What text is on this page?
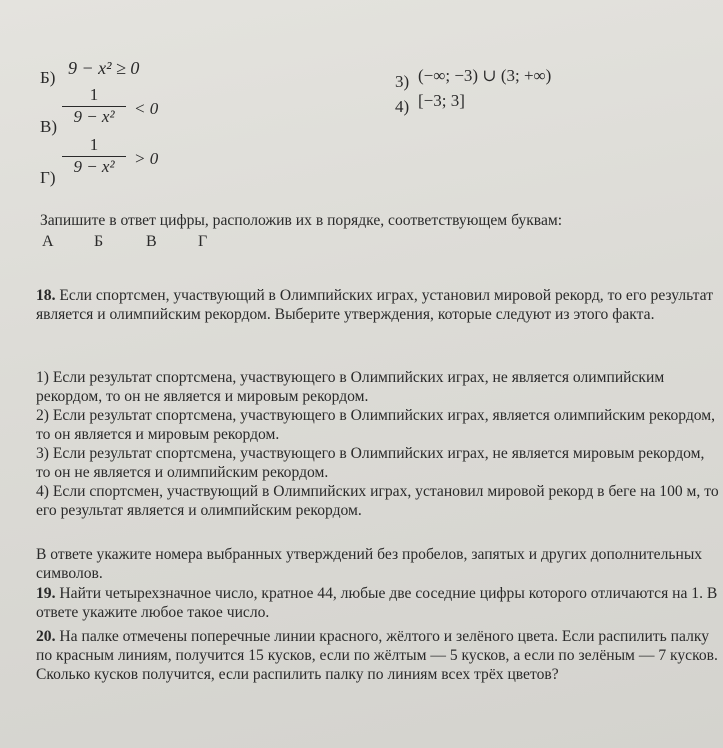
Б) 9 − x² ≥ 0
В)
1
9 − x² < 0
Г)
1
9 − x² > 0
3) (−∞; −3) ∪ (3; +∞)
4) [−3; 3]
Запишите в ответ цифры, расположив их в порядке, соответствующем буквам:
А	Б	В	Г
18. Если спортсмен, участвующий в Олимпийских играх, установил мировой рекорд, то его результат является и олимпийским рекордом. Выберите утверждения, которые следуют из этого факта.
1) Если результат спортсмена, участвующего в Олимпийских играх, не является олимпийским рекордом, то он не является и мировым рекордом.
2) Если результат спортсмена, участвующего в Олимпийских играх, является олимпийским рекордом, то он является и мировым рекордом.
3) Если результат спортсмена, участвующего в Олимпийских играх, не является мировым рекордом, то он не является и олимпийским рекордом.
4) Если спортсмен, участвующий в Олимпийских играх, установил мировой рекорд в беге на 100 м, то его результат является и олимпийским рекордом.
В ответе укажите номера выбранных утверждений без пробелов, запятых и других дополнительных символов.
19. Найти четырехзначное число, кратное 44, любые две соседние цифры которого отличаются на 1. В ответе укажите любое такое число.
20. На палке отмечены поперечные линии красного, жёлтого и зелёного цвета. Если распилить палку по красным линиям, получится 15 кусков, если по жёлтым — 5 кусков, а если по зелёным — 7 кусков. Сколько кусков получится, если распилить палку по линиям всех трёх цветов?
